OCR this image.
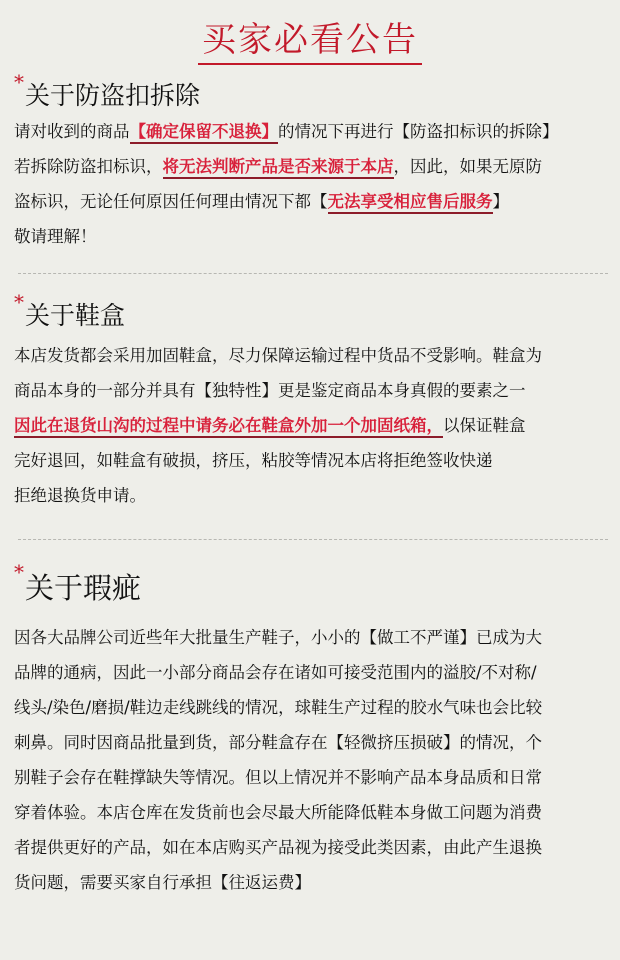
买家必看公告
*关于防盗扣拆除
请对收到的商品【确定保留不退换】的情况下再进行【防盗扣标识的拆除】
若拆除防盗扣标识，将无法判断产品是否来源于本店，因此，如果无原防
盗标识，无论任何原因任何理由情况下都【无法享受相应售后服务】
敬请理解！
*关于鞋盒
本店发货都会采用加固鞋盒，尽力保障运输过程中货品不受影响。鞋盒为
商品本身的一部分并具有【独特性】更是鉴定商品本身真假的要素之一
因此在退货山沟的过程中请务必在鞋盒外加一个加固纸箱，以保证鞋盒
完好退回，如鞋盒有破损，挤压，粘胶等情况本店将拒绝签收快递
拒绝退换货申请。
*关于瑕疵
因各大品牌公司近些年大批量生产鞋子，小小的【做工不严谨】已成为大
品牌的通病，因此一小部分商品会存在诸如可接受范围内的溢胶/不对称/
线头/染色/磨损/鞋边走线跳线的情况，球鞋生产过程的胶水气味也会比较
刺鼻。同时因商品批量到货，部分鞋盒存在【轻微挤压损破】的情况，个
别鞋子会存在鞋撑缺失等情况。但以上情况并不影响产品本身品质和日常
穿着体验。本店仓库在发货前也会尽最大所能降低鞋本身做工问题为消费
者提供更好的产品，如在本店购买产品视为接受此类因素，由此产生退换
货问题，需要买家自行承担【往返运费】
